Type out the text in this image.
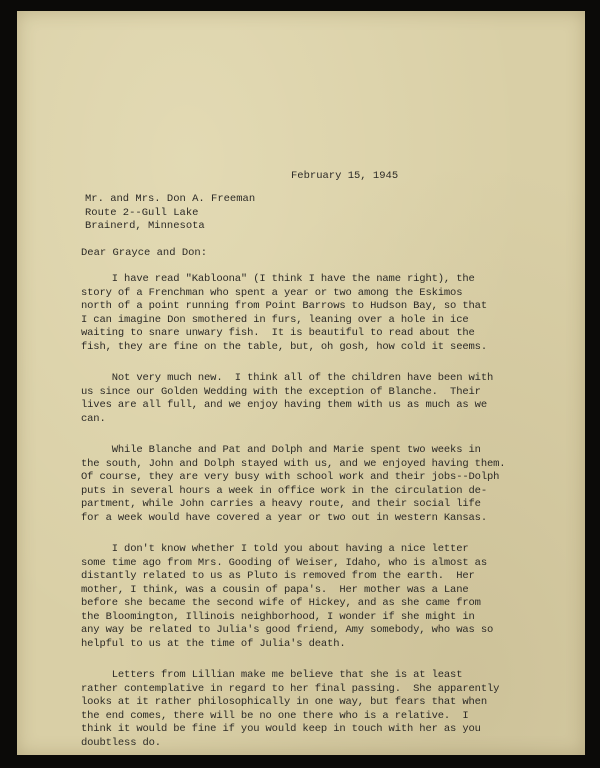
February 15, 1945

Mr. and Mrs. Don A. Freeman
Route 2--Gull Lake
Brainerd, Minnesota

Dear Grayce and Don:

I have read "Kabloona" (I think I have the name right), the
story of a Frenchman who spent a year or two among the Eskimos
north of a point running from Point Barrows to Hudson Bay, so that
I can imagine Don smothered in furs, leaning over a hole in ice
waiting to snare unwary fish.  It is beautiful to read about the
fish, they are fine on the table, but, oh gosh, how cold it seems.
Not very much new.  I think all of the children have been with
us since our Golden Wedding with the exception of Blanche.  Their
lives are all full, and we enjoy having them with us as much as we
can.
While Blanche and Pat and Dolph and Marie spent two weeks in
the south, John and Dolph stayed with us, and we enjoyed having them.
Of course, they are very busy with school work and their jobs--Dolph
puts in several hours a week in office work in the circulation de-
partment, while John carries a heavy route, and their social life
for a week would have covered a year or two out in western Kansas.
I don't know whether I told you about having a nice letter
some time ago from Mrs. Gooding of Weiser, Idaho, who is almost as
distantly related to us as Pluto is removed from the earth.  Her
mother, I think, was a cousin of papa's.  Her mother was a Lane
before she became the second wife of Hickey, and as she came from
the Bloomington, Illinois neighborhood, I wonder if she might in
any way be related to Julia's good friend, Amy somebody, who was so
helpful to us at the time of Julia's death.
Letters from Lillian make me believe that she is at least
rather contemplative in regard to her final passing.  She apparently
looks at it rather philosophically in one way, but fears that when
the end comes, there will be no one there who is a relative.  I
think it would be fine if you would keep in touch with her as you
doubtless do.
